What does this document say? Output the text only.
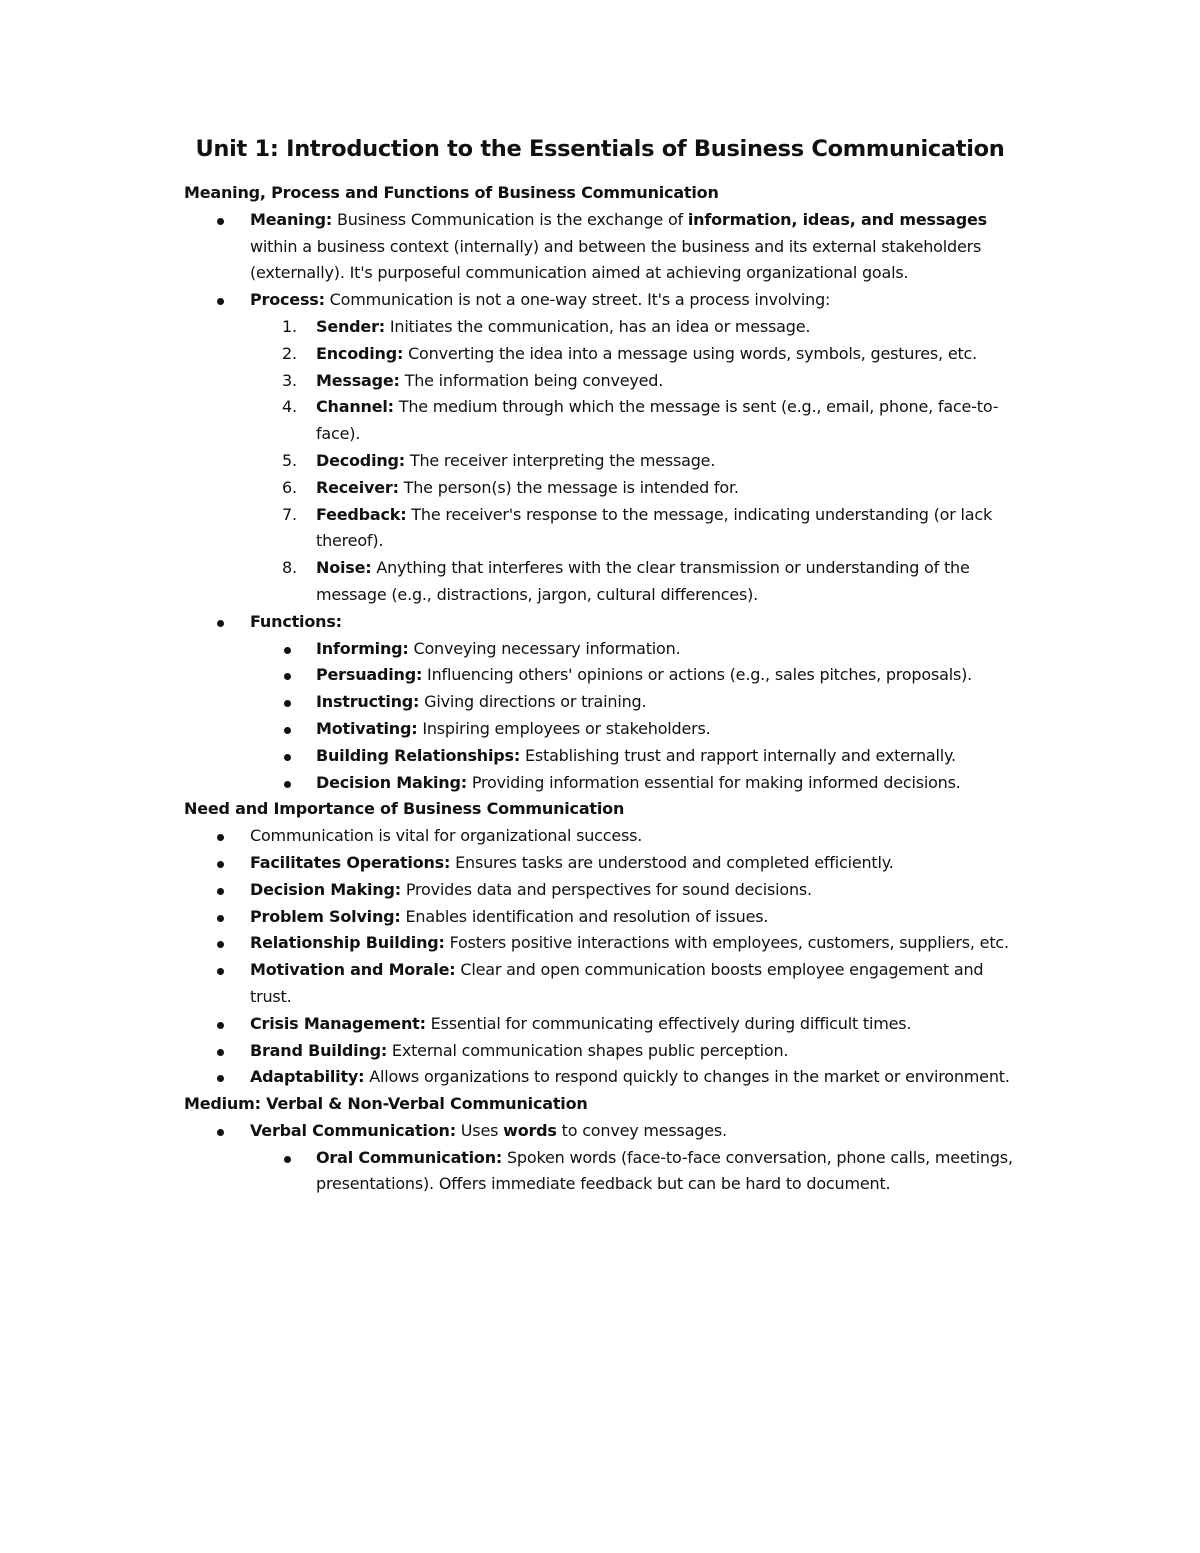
Unit 1: Introduction to the Essentials of Business Communication

Meaning, Process and Functions of Business Communication

Meaning: Business Communication is the exchange of information, ideas, and messages within a business context (internally) and between the business and its external stakeholders (externally). It's purposeful communication aimed at achieving organizational goals.
Process: Communication is not a one-way street. It's a process involving:
1.	Sender: Initiates the communication, has an idea or message.
2.	Encoding: Converting the idea into a message using words, symbols, gestures, etc.
3.	Message: The information being conveyed.
4.	Channel: The medium through which the message is sent (e.g., email, phone, face-to-face).
5.	Decoding: The receiver interpreting the message.
6.	Receiver: The person(s) the message is intended for.
7.	Feedback: The receiver's response to the message, indicating understanding (or lack thereof).
8.	Noise: Anything that interferes with the clear transmission or understanding of the message (e.g., distractions, jargon, cultural differences).
Functions:
Informing: Conveying necessary information.
Persuading: Influencing others' opinions or actions (e.g., sales pitches, proposals).
Instructing: Giving directions or training.
Motivating: Inspiring employees or stakeholders.
Building Relationships: Establishing trust and rapport internally and externally.
Decision Making: Providing information essential for making informed decisions.

Need and Importance of Business Communication

Communication is vital for organizational success.
Facilitates Operations: Ensures tasks are understood and completed efficiently.
Decision Making: Provides data and perspectives for sound decisions.
Problem Solving: Enables identification and resolution of issues.
Relationship Building: Fosters positive interactions with employees, customers, suppliers, etc.
Motivation and Morale: Clear and open communication boosts employee engagement and trust.
Crisis Management: Essential for communicating effectively during difficult times.
Brand Building: External communication shapes public perception.
Adaptability: Allows organizations to respond quickly to changes in the market or environment.

Medium: Verbal & Non-Verbal Communication

Verbal Communication: Uses words to convey messages.
Oral Communication: Spoken words (face-to-face conversation, phone calls, meetings, presentations). Offers immediate feedback but can be hard to document.
